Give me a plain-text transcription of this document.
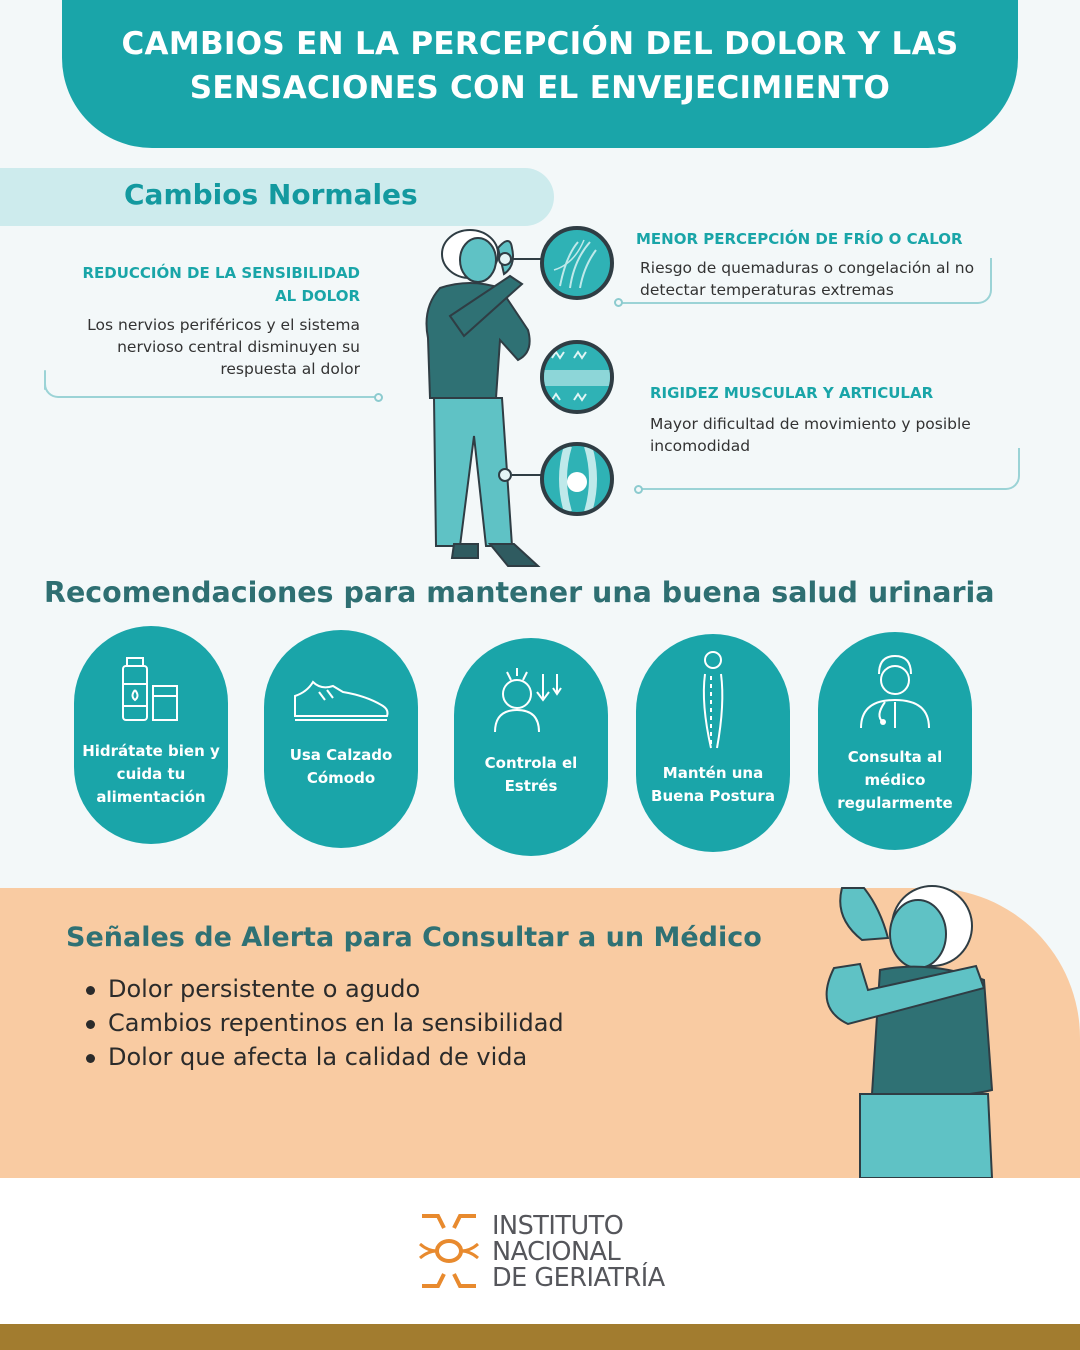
CAMBIOS EN LA PERCEPCIÓN DEL DOLOR Y LAS SENSACIONES CON EL ENVEJECIMIENTO
Cambios Normales
REDUCCIÓN DE LA SENSIBILIDAD AL DOLOR
Los nervios periféricos y el sistema nervioso central disminuyen su respuesta al dolor
MENOR PERCEPCIÓN DE FRÍO O CALOR
Riesgo de quemaduras o congelación al no detectar temperaturas extremas
RIGIDEZ MUSCULAR Y ARTICULAR
Mayor dificultad de movimiento y posible incomodidad
Recomendaciones para mantener una buena salud urinaria
Hidrátate bien y cuida tu alimentación
Usa Calzado Cómodo
Controla el Estrés
Mantén una Buena Postura
Consulta al médico regularmente
Señales de Alerta para Consultar a un Médico
Dolor persistente o agudo
Cambios repentinos en la sensibilidad
Dolor que afecta la calidad de vida
INSTITUTO
NACIONAL
DE GERIATRÍA
